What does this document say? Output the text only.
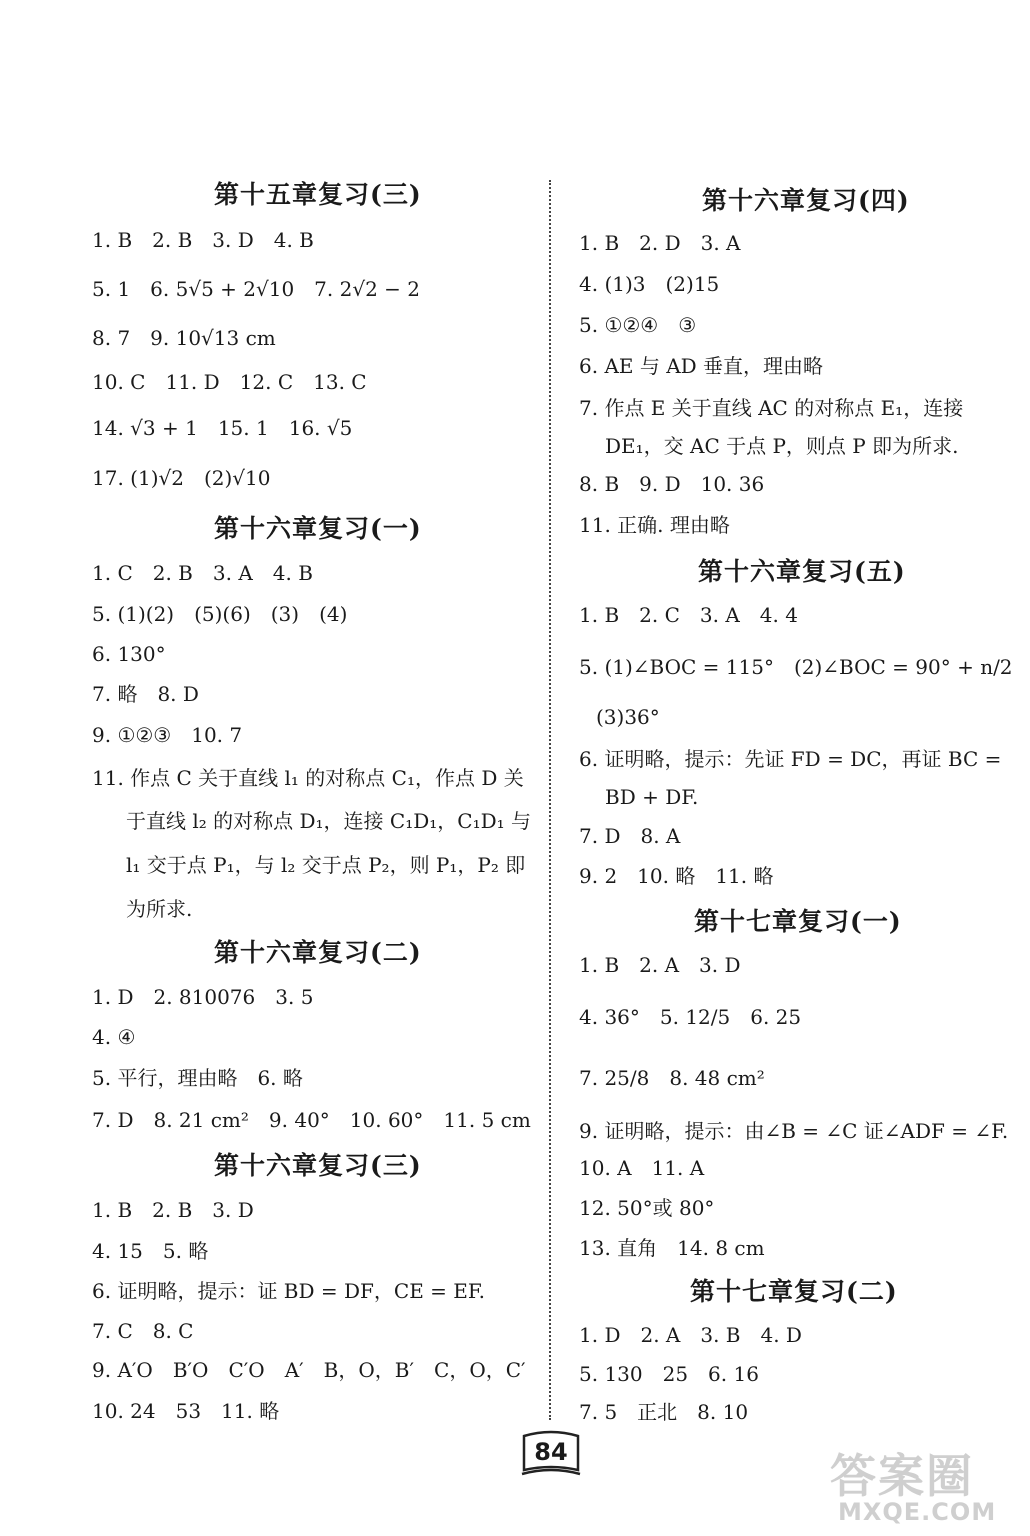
第十五章复习(三)
1. B　2. B　3. D　4. B
5. 1　6. 5√5 + 2√10　7. 2√2 − 2
8. 7　9. 10√13 cm
10. C　11. D　12. C　13. C
14. √3 + 1　15. 1　16. √5
17. (1)√2　(2)√10
第十六章复习(一)
1. C　2. B　3. A　4. B
5. (1)(2)　(5)(6)　(3)　(4)
6. 130°
7. 略　8. D
9. ①②③　10. 7
11. 作点 C 关于直线 l₁ 的对称点 C₁，作点 D 关
于直线 l₂ 的对称点 D₁，连接 C₁D₁，C₁D₁ 与
l₁ 交于点 P₁，与 l₂ 交于点 P₂，则 P₁，P₂ 即
为所求.
第十六章复习(二)
1. D　2. 810076　3. 5
4. ④
5. 平行，理由略　6. 略
7. D　8. 21 cm²　9. 40°　10. 60°　11. 5 cm
第十六章复习(三)
1. B　2. B　3. D
4. 15　5. 略
6. 证明略，提示：证 BD = DF，CE = EF.
7. C　8. C
9. A′O　B′O　C′O　A′　B，O，B′　C，O，C′
10. 24　53　11. 略
第十六章复习(四)
1. B　2. D　3. A
4. (1)3　(2)15
5. ①②④　③
6. AE 与 AD 垂直，理由略
7. 作点 E 关于直线 AC 的对称点 E₁，连接
DE₁，交 AC 于点 P，则点 P 即为所求.
8. B　9. D　10. 36
11. 正确. 理由略
第十六章复习(五)
1. B　2. C　3. A　4. 4
5. (1)∠BOC = 115°　(2)∠BOC = 90° + n/2
(3)36°
6. 证明略，提示：先证 FD = DC，再证 BC =
BD + DF.
7. D　8. A
9. 2　10. 略　11. 略
第十七章复习(一)
1. B　2. A　3. D
4. 36°　5. 12/5　6. 25
7. 25/8　8. 48 cm²
9. 证明略，提示：由∠B = ∠C 证∠ADF = ∠F.
10. A　11. A
12. 50°或 80°
13. 直角　14. 8 cm
第十七章复习(二)
1. D　2. A　3. B　4. D
5. 130　25　6. 16
7. 5　正北　8. 10
84	答案圈
MXQE.COM
